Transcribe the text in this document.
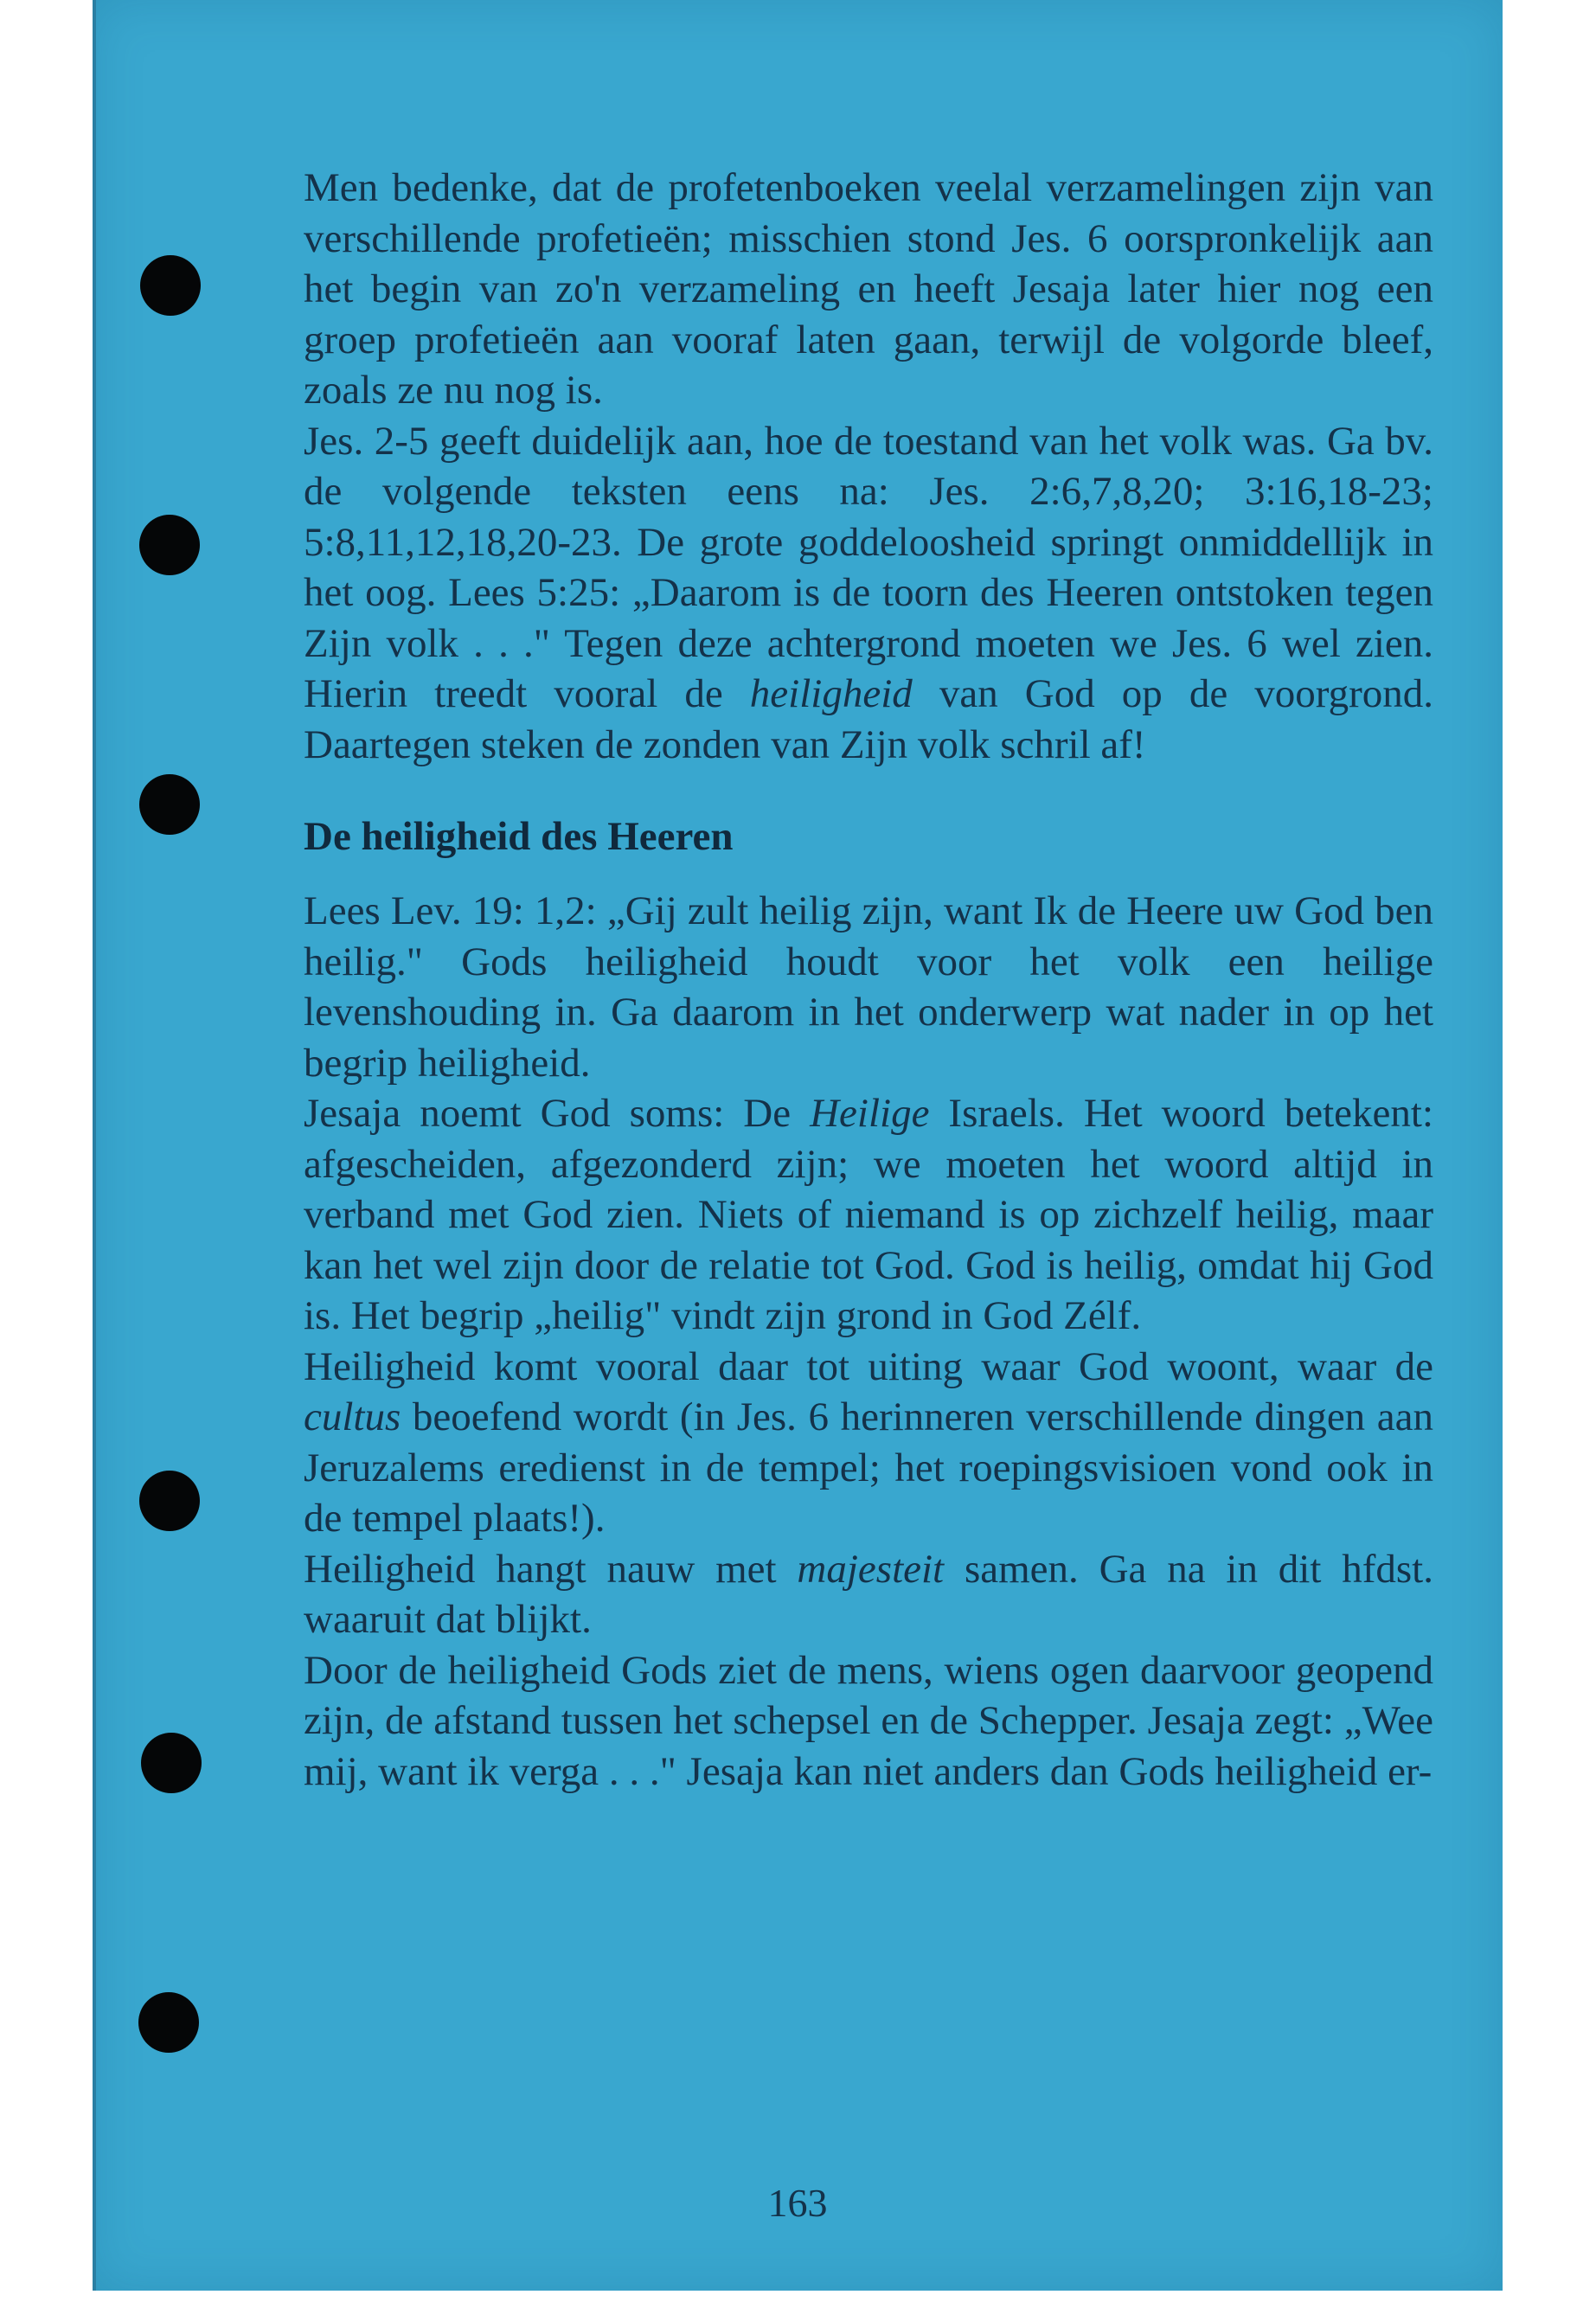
Men bedenke, dat de profetenboeken veelal verzamelingen zijn van verschillende profetieën; misschien stond Jes. 6 oorspronkelijk aan het begin van zo'n verzameling en heeft Jesaja later hier nog een groep profetieën aan vooraf laten gaan, terwijl de volgorde bleef, zoals ze nu nog is.

Jes. 2-5 geeft duidelijk aan, hoe de toestand van het volk was. Ga bv. de volgende teksten eens na: Jes. 2:6,7,8,20; 3:16,18-23; 5:8,11,12,18,20-23. De grote goddeloosheid springt onmiddellijk in het oog. Lees 5:25: „Daarom is de toorn des Heeren ontstoken tegen Zijn volk . . ." Tegen deze achtergrond moeten we Jes. 6 wel zien. Hierin treedt vooral de heiligheid van God op de voorgrond. Daartegen steken de zonden van Zijn volk schril af!

De heiligheid des Heeren

Lees Lev. 19: 1,2: „Gij zult heilig zijn, want Ik de Heere uw God ben heilig." Gods heiligheid houdt voor het volk een heilige levenshouding in. Ga daarom in het onderwerp wat nader in op het begrip heiligheid.

Jesaja noemt God soms: De Heilige Israels. Het woord betekent: afgescheiden, afgezonderd zijn; we moeten het woord altijd in verband met God zien. Niets of niemand is op zichzelf heilig, maar kan het wel zijn door de relatie tot God. God is heilig, omdat hij God is. Het begrip „heilig" vindt zijn grond in God Zélf.

Heiligheid komt vooral daar tot uiting waar God woont, waar de cultus beoefend wordt (in Jes. 6 herinneren verschillende dingen aan Jeruzalems eredienst in de tempel; het roepingsvisioen vond ook in de tempel plaats!).

Heiligheid hangt nauw met majesteit samen. Ga na in dit hfdst. waaruit dat blijkt.

Door de heiligheid Gods ziet de mens, wiens ogen daarvoor geopend zijn, de afstand tussen het schepsel en de Schepper. Jesaja zegt: „Wee mij, want ik verga . . ." Jesaja kan niet anders dan Gods heiligheid er-

163
